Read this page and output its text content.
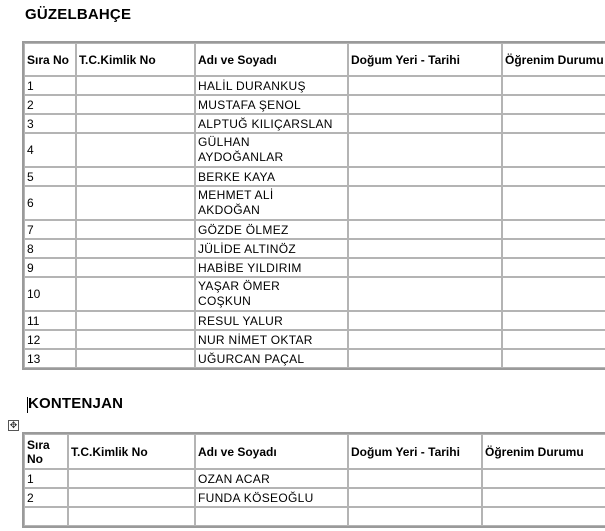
GÜZELBAHÇE
Sıra No	T.C.Kimlik No	Adı ve Soyadı	Doğum Yeri - Tarihi	Öğrenim Durumu
1		HALİL DURANKUŞ		
2		MUSTAFA ŞENOL		
3		ALPTUĞ KILIÇARSLAN		
4		GÜLHAN AYDOĞANLAR		
5		BERKE KAYA		
6		MEHMET ALİ AKDOĞAN		
7		GÖZDE ÖLMEZ		
8		JÜLİDE ALTINÖZ		
9		HABİBE YILDIRIM		
10		YAŞAR ÖMER COŞKUN		
11		RESUL YALUR		
12		NUR NİMET OKTAR		
13		UĞURCAN PAÇAL		
KONTENJAN
✥
Sıra No	T.C.Kimlik No	Adı ve Soyadı	Doğum Yeri - Tarihi	Öğrenim Durumu
1		OZAN ACAR		
2		FUNDA KÖSEOĞLU		
